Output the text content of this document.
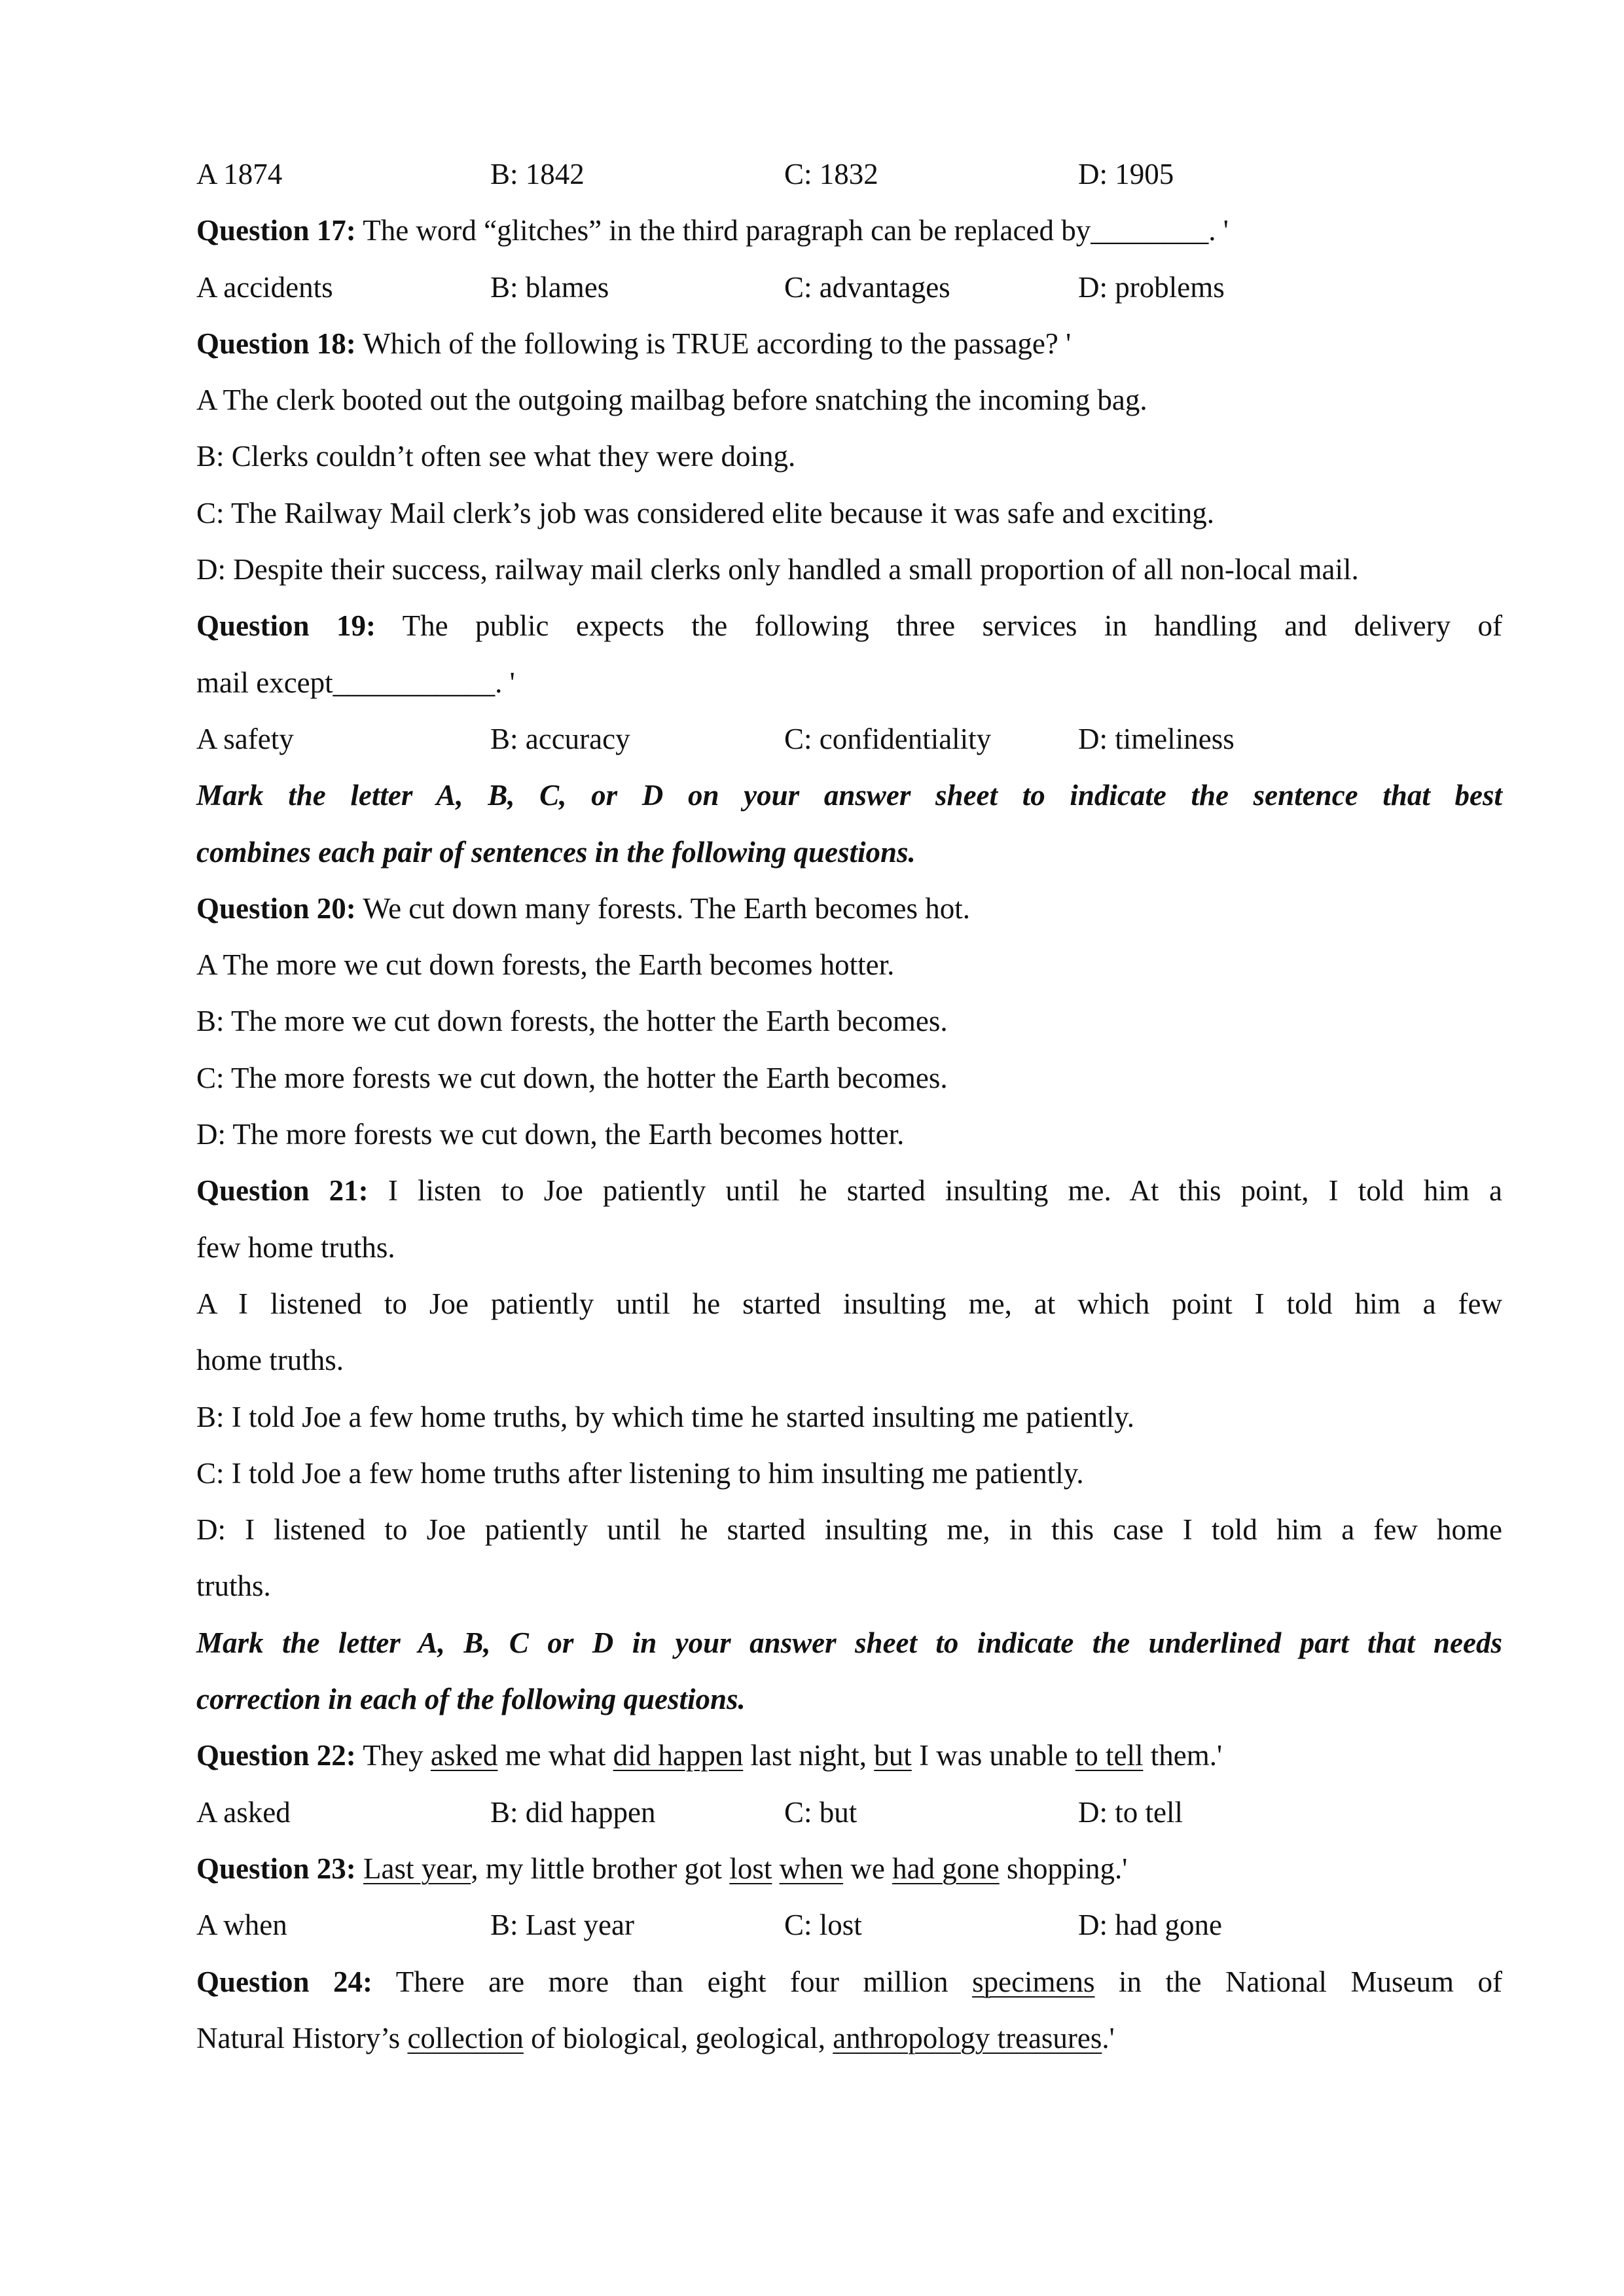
A 1874	B: 1842	C: 1832	D: 1905
Question 17: The word “glitches” in the third paragraph can be replaced by________. '
A accidents	B: blames	C: advantages	D: problems
Question 18: Which of the following is TRUE according to the passage? '
A The clerk booted out the outgoing mailbag before snatching the incoming bag.
B: Clerks couldn’t often see what they were doing.
C: The Railway Mail clerk’s job was considered elite because it was safe and exciting.
D: Despite their success, railway mail clerks only handled a small proportion of all non-local mail.
Question 19: The public expects the following three services in handling and delivery of
mail except___________. '
A safety	B: accuracy	C: confidentiality	D: timeliness
Mark the letter A, B, C, or D on your answer sheet to indicate the sentence that best
combines each pair of sentences in the following questions.
Question 20: We cut down many forests. The Earth becomes hot.
A The more we cut down forests, the Earth becomes hotter.
B: The more we cut down forests, the hotter the Earth becomes.
C: The more forests we cut down, the hotter the Earth becomes.
D: The more forests we cut down, the Earth becomes hotter.
Question 21: I listen to Joe patiently until he started insulting me. At this point, I told him a
few home truths.
A I listened to Joe patiently until he started insulting me, at which point I told him a few
home truths.
B: I told Joe a few home truths, by which time he started insulting me patiently.
C: I told Joe a few home truths after listening to him insulting me patiently.
D: I listened to Joe patiently until he started insulting me, in this case I told him a few home
truths.
Mark the letter A, B, C or D in your answer sheet to indicate the underlined part that needs
correction in each of the following questions.
Question 22: They asked me what did happen last night, but I was unable to tell them.'
A asked	B: did happen	C: but	D: to tell
Question 23: Last year, my little brother got lost when we had gone shopping.'
A when	B: Last year	C: lost	D: had gone
Question 24: There are more than eight four million specimens in the National Museum of
Natural History’s collection of biological, geological, anthropology treasures.'
